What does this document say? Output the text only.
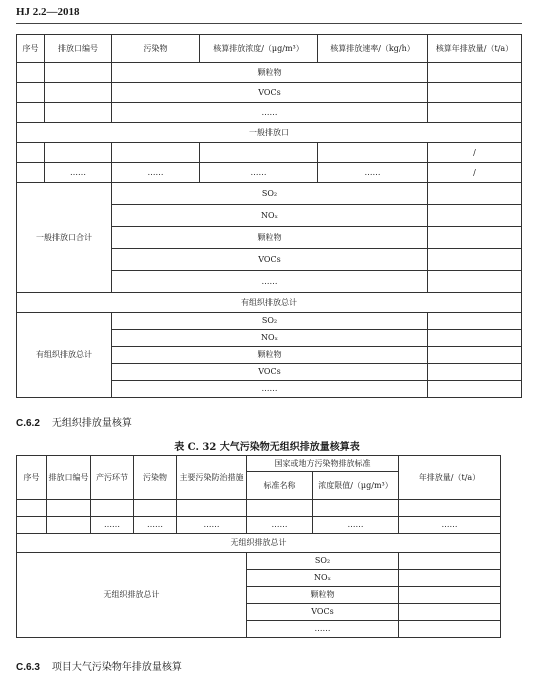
HJ 2.2—2018
序号	排放口编号	污染物	核算排放浓度/（μg/m³）	核算排放速率/（kg/h）	核算年排放量/（t/a）
		颗粒物			
		VOCs			
		……			
一般排放口					
					/
	……	……	……	……	/
一般排放口合计		SO₂			
		NOₓ			
		颗粒物			
		VOCs			
		……			
有组织排放总计					
有组织排放总计		SO₂			
		NOₓ			
		颗粒物			
		VOCs			
		……			
C.6.2 无组织排放量核算
表 C. 32 大气污染物无组织排放量核算表
序号	排放口编号	产污环节	污染物	主要污染防治措施	国家或地方污染物排放标准		年排放量/（t/a）
					标准名称	浓度限值/（μg/m³）	

		……	……	……	……	……	……
无组织排放总计							
无组织排放总计					SO₂		
					NOₓ		
					颗粒物		
					VOCs		
					……		
C.6.3 项目大气污染物年排放量核算
